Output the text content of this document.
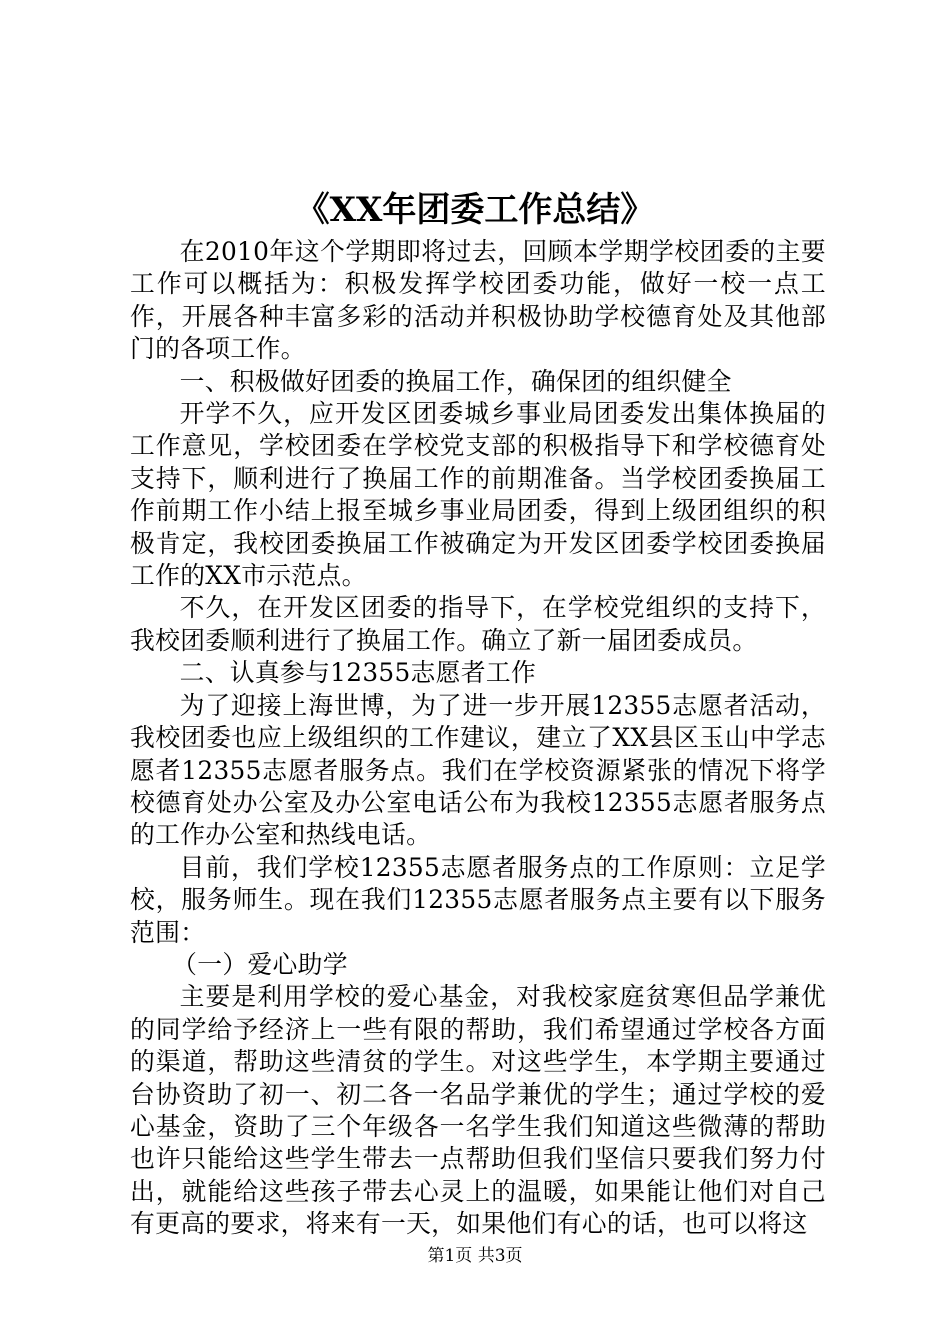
《XX年团委工作总结》

在2010年这个学期即将过去，回顾本学期学校团委的主要工作可以概括为：积极发挥学校团委功能，做好一校一点工作，开展各种丰富多彩的活动并积极协助学校德育处及其他部门的各项工作。

一、积极做好团委的换届工作，确保团的组织健全

开学不久，应开发区团委城乡事业局团委发出集体换届的工作意见，学校团委在学校党支部的积极指导下和学校德育处支持下，顺利进行了换届工作的前期准备。当学校团委换届工作前期工作小结上报至城乡事业局团委，得到上级团组织的积极肯定，我校团委换届工作被确定为开发区团委学校团委换届工作的XX市示范点。

不久，在开发区团委的指导下，在学校党组织的支持下，我校团委顺利进行了换届工作。确立了新一届团委成员。

二、认真参与12355志愿者工作

为了迎接上海世博，为了进一步开展12355志愿者活动，我校团委也应上级组织的工作建议，建立了XX县区玉山中学志愿者12355志愿者服务点。我们在学校资源紧张的情况下将学校德育处办公室及办公室电话公布为我校12355志愿者服务点的工作办公室和热线电话。

目前，我们学校12355志愿者服务点的工作原则：立足学校，服务师生。现在我们12355志愿者服务点主要有以下服务范围：

（一）爱心助学

主要是利用学校的爱心基金，对我校家庭贫寒但品学兼优的同学给予经济上一些有限的帮助，我们希望通过学校各方面的渠道，帮助这些清贫的学生。对这些学生，本学期主要通过台协资助了初一、初二各一名品学兼优的学生；通过学校的爱心基金，资助了三个年级各一名学生我们知道这些微薄的帮助也许只能给这些学生带去一点帮助但我们坚信只要我们努力付出，就能给这些孩子带去心灵上的温暖，如果能让他们对自己有更高的要求，将来有一天，如果他们有心的话，也可以将这

第1页 共3页
